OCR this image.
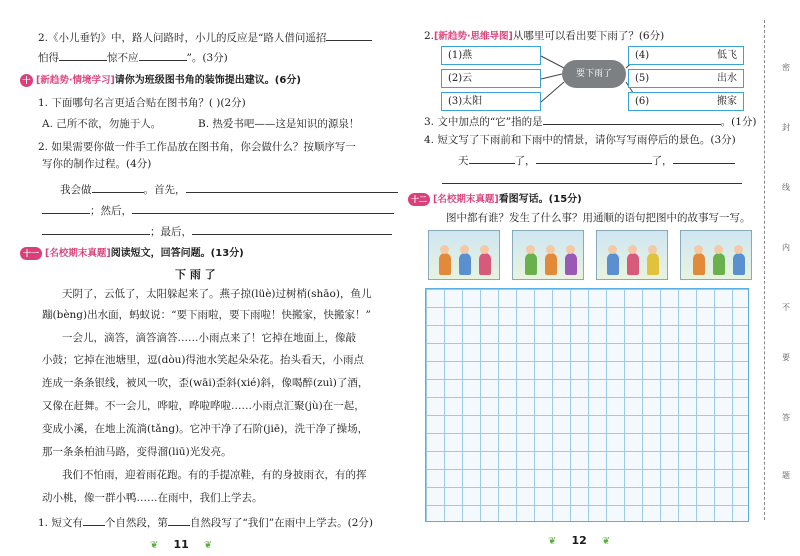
2.《小儿垂钓》中，路人问路时，小儿的反应是“路人借问遥招
怕得	惊不应	”。(3分)
十 [新趋势·情境学习]请你为班级图书角的装饰提出建议。(6分)
1. 下面哪句名言更适合贴在图书角？( )(2分)
A. 己所不欲，勿施于人。	B. 热爱书吧——这是知识的源泉！
2. 如果需要你做一件手工作品放在图书角，你会做什么？按顺序写一
写你的制作过程。(4分)
我会做	。首先，
；然后，
；最后，
十一 [名校期末真题]阅读短文，回答问题。(13分)
下 雨 了
天阴了，云低了，太阳躲起来了。燕子掠(lüè)过树梢(shāo)，鱼儿
蹦(bèng)出水面，蚂蚁说：“要下雨啦，要下雨啦！快搬家，快搬家！”
一会儿，滴答，滴答滴答……小雨点来了！它掉在地面上，像敲
小鼓；它掉在池塘里，逗(dòu)得池水笑起朵朵花。抬头看天，小雨点
连成一条条银线，被风一吹，歪(wāi)歪斜(xié)斜，像喝醉(zuì)了酒，
又像在赶舞。不一会儿，哗啦，哗啦哗啦……小雨点汇聚(jù)在一起，
变成小溪，在地上流淌(tǎng)。它冲干净了石阶(jiē)，洗干净了操场，
那一条条柏油马路，变得溜(liū)光发亮。
我们不怕雨，迎着雨花跑。有的手提凉鞋，有的身披雨衣，有的挥
动小桃，像一群小鸭……在雨中，我们上学去。
1. 短文有 个自然段，第 自然段写了“我们”在雨中上学去。(2分)
❦ 11 ❦
2.[新趋势·思维导图]从哪里可以看出要下雨了？(6分)
(1)燕
(2)云
(3)太阳
要下雨了
(4)	低飞
(5)	出水
(6)	搬家
3. 文中加点的“它”指的是	。(1分)
4. 短文写了下雨前和下雨中的情景，请你写写雨停后的景色。(3分)
天	了，	了，
十二 [名校期末真题]看图写话。(15分)
图中都有谁？发生了什么事？用通顺的语句把图中的故事写一写。
❦ 12 ❦
密
封
线
内
不
要
答
题
